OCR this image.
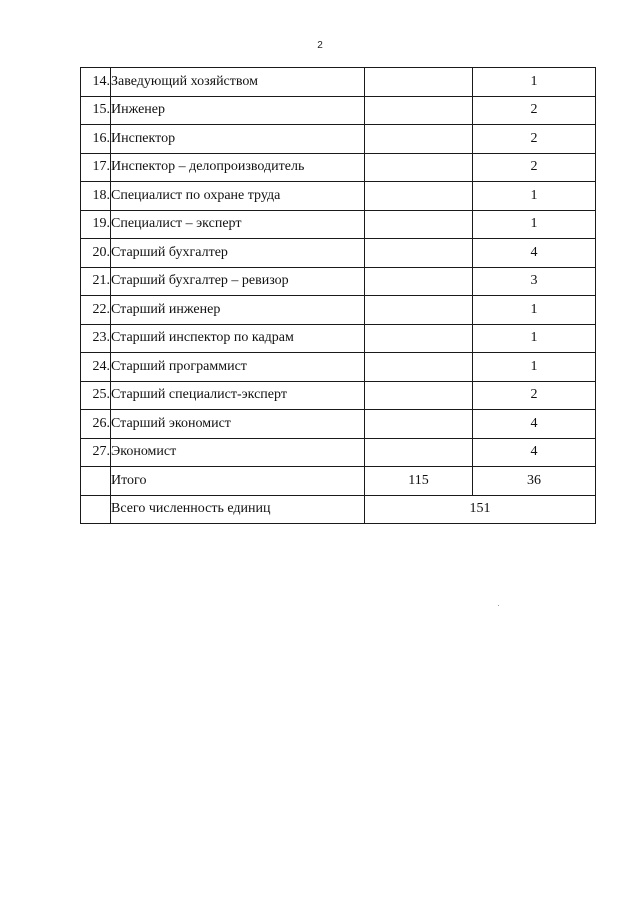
2
14.	Заведующий хозяйством		1
15.	Инженер		2
16.	Инспектор		2
17.	Инспектор – делопроизводитель		2
18.	Специалист по охране труда		1
19.	Специалист – эксперт		1
20.	Старший бухгалтер		4
21.	Старший бухгалтер – ревизор		3
22.	Старший инженер		1
23.	Старший инспектор по кадрам		1
24.	Старший программист		1
25.	Старший специалист-эксперт		2
26.	Старший экономист		4
27.	Экономист		4
	Итого	115	36
	Всего численность единиц	151	
